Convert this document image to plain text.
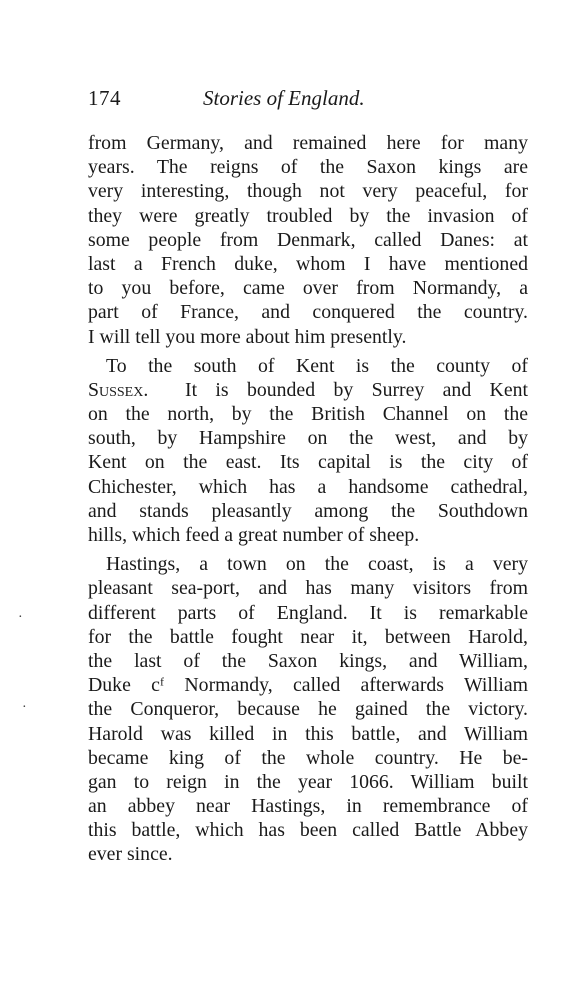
174	Stories of England.
from Germany, and remained here for many
years. The reigns of the Saxon kings are
very interesting, though not very peaceful, for
they were greatly troubled by the invasion of
some people from Denmark, called Danes: at
last a French duke, whom I have mentioned
to you before, came over from Normandy, a
part of France, and conquered the country.
I will tell you more about him presently.
To the south of Kent is the county of
Sussex. It is bounded by Surrey and Kent
on the north, by the British Channel on the
south, by Hampshire on the west, and by
Kent on the east. Its capital is the city of
Chichester, which has a handsome cathedral,
and stands pleasantly among the Southdown
hills, which feed a great number of sheep.
Hastings, a town on the coast, is a very
pleasant sea-port, and has many visitors from
different parts of England. It is remarkable
for the battle fought near it, between Harold,
the last of the Saxon kings, and William,
Duke cᶠ Normandy, called afterwards William
the Conqueror, because he gained the victory.
Harold was killed in this battle, and William
became king of the whole country. He be-
gan to reign in the year 1066. William built
an abbey near Hastings, in remembrance of
this battle, which has been called Battle Abbey
ever since.
·
·
